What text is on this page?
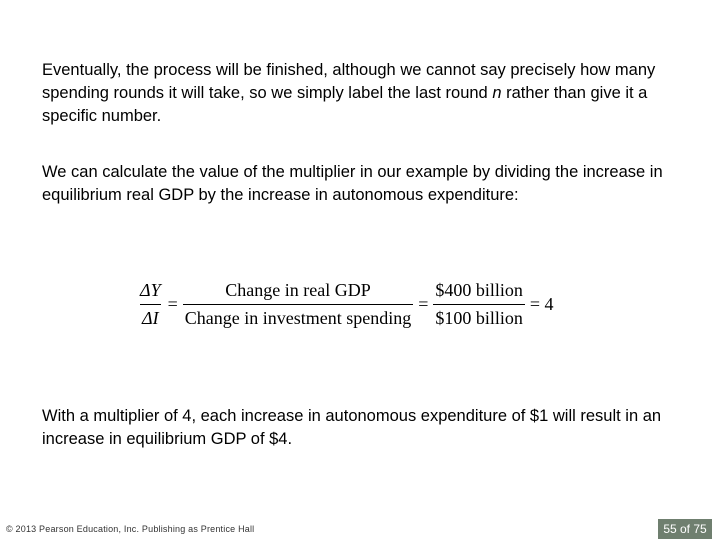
Eventually, the process will be finished, although we cannot say precisely how many spending rounds it will take, so we simply label the last round n rather than give it a specific number.

We can calculate the value of the multiplier in our example by dividing the increase in equilibrium real GDP by the increase in autonomous expenditure:

$\frac{\Delta Y}{\Delta I} = \frac{\text{Change in real GDP}}{\text{Change in investment spending}} = \frac{\text{\$400 billion}}{\text{\$100 billion}} = 4$

With a multiplier of 4, each increase in autonomous expenditure of $1 will result in an increase in equilibrium GDP of $4.

© 2013 Pearson Education, Inc. Publishing as Prentice Hall	55 of 75
